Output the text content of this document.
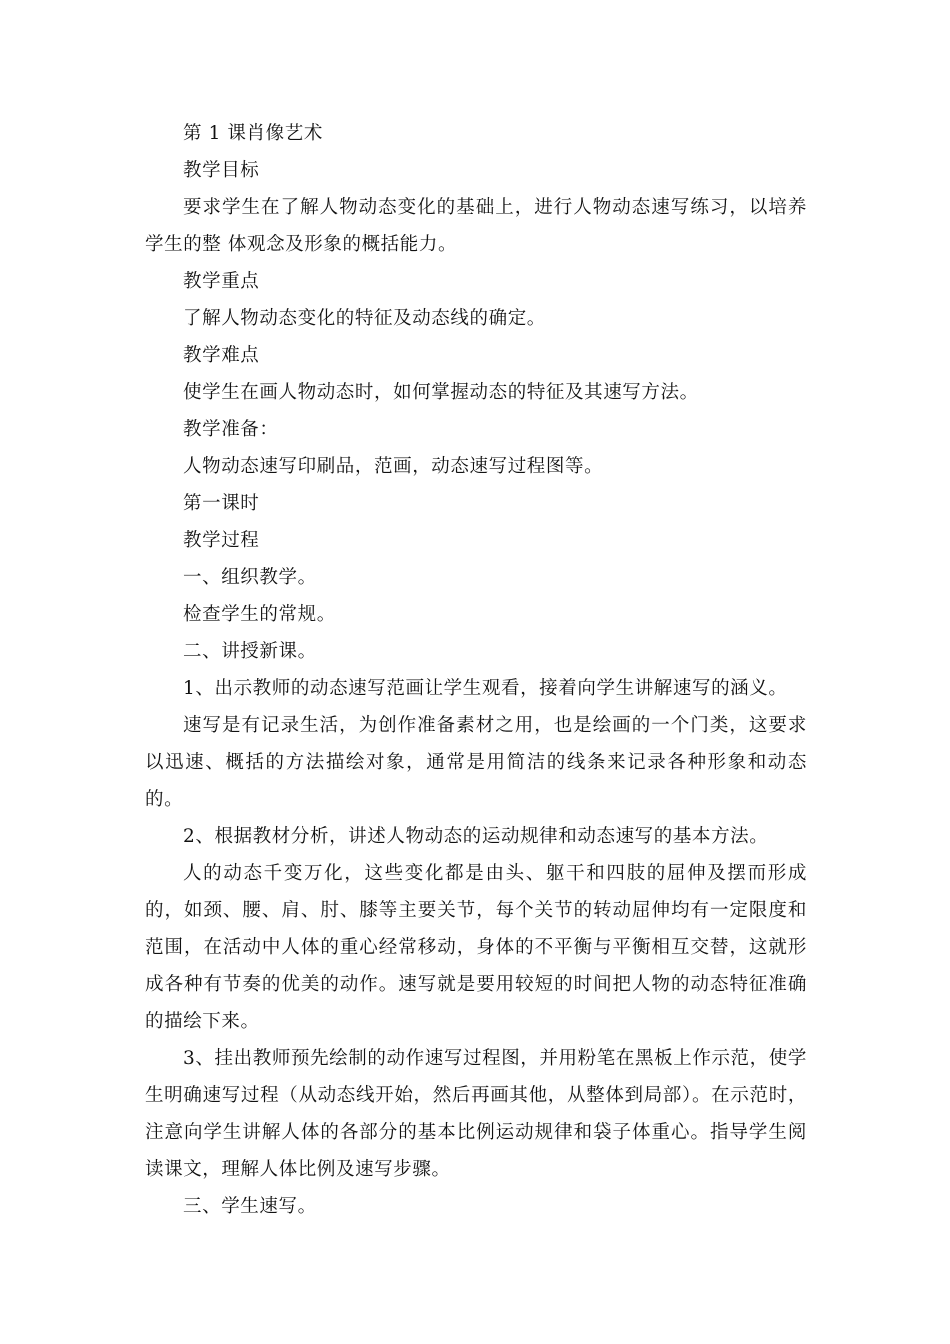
第 1 课肖像艺术

教学目标

要求学生在了解人物动态变化的基础上，进行人物动态速写练习，以培养学生的整 体观念及形象的概括能力。

教学重点

了解人物动态变化的特征及动态线的确定。

教学难点

使学生在画人物动态时，如何掌握动态的特征及其速写方法。

教学准备：

人物动态速写印刷品，范画，动态速写过程图等。

第一课时

教学过程

一、组织教学。

检查学生的常规。

二、讲授新课。

1、出示教师的动态速写范画让学生观看，接着向学生讲解速写的涵义。

速写是有记录生活，为创作准备素材之用，也是绘画的一个门类，这要求以迅速、概括的方法描绘对象，通常是用简洁的线条来记录各种形象和动态的。

2、根据教材分析，讲述人物动态的运动规律和动态速写的基本方法。

人的动态千变万化，这些变化都是由头、躯干和四肢的屈伸及摆而形成的，如颈、腰、肩、肘、膝等主要关节，每个关节的转动屈伸均有一定限度和范围，在活动中人体的重心经常移动，身体的不平衡与平衡相互交替，这就形成各种有节奏的优美的动作。速写就是要用较短的时间把人物的动态特征准确的描绘下来。

3、挂出教师预先绘制的动作速写过程图，并用粉笔在黑板上作示范，使学生明确速写过程（从动态线开始，然后再画其他，从整体到局部）。在示范时，注意向学生讲解人体的各部分的基本比例运动规律和袋子体重心。指导学生阅读课文，理解人体比例及速写步骤。

三、学生速写。
